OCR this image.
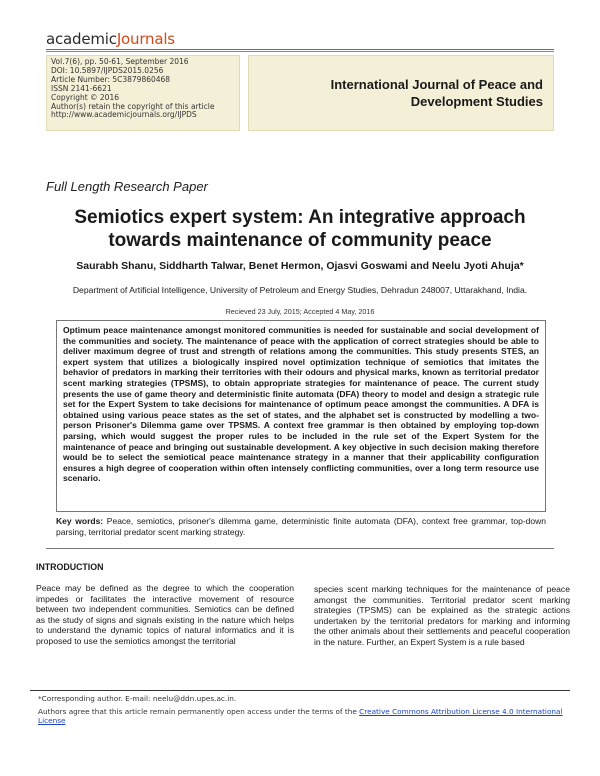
academicJournals
Vol.7(6), pp. 50-61, September 2016
DOI: 10.5897/IJPDS2015.0256
Article Number: 5C3879860468
ISSN 2141-6621
Copyright © 2016
Author(s) retain the copyright of this article
http://www.academicjournals.org/IJPDS
International Journal of Peace and Development Studies
Full Length Research Paper
Semiotics expert system: An integrative approach towards maintenance of community peace
Saurabh Shanu, Siddharth Talwar, Benet Hermon, Ojasvi Goswami and Neelu Jyoti Ahuja*
Department of Artificial Intelligence, University of Petroleum and Energy Studies, Dehradun 248007, Uttarakhand, India.
Recieved 23 July, 2015; Accepted 4 May, 2016

Optimum peace maintenance amongst monitored communities is needed for sustainable and social development of the communities and society. The maintenance of peace with the application of correct strategies should be able to deliver maximum degree of trust and strength of relations among the communities. This study presents STES, an expert system that utilizes a biologically inspired novel optimization technique of semiotics that imitates the behavior of predators in marking their territories with their odours and physical marks, known as territorial predator scent marking strategies (TPSMS), to obtain appropriate strategies for maintenance of peace. The current study presents the use of game theory and deterministic finite automata (DFA) theory to model and design a strategic rule set for the Expert System to take decisions for maintenance of optimum peace amongst the communities. A DFA is obtained using various peace states as the set of states, and the alphabet set is constructed by modelling a two-person Prisoner's Dilemma game over TPSMS. A context free grammar is then obtained by employing top-down parsing, which would suggest the proper rules to be included in the rule set of the Expert System for the maintenance of peace and bringing out sustainable development. A key objective in such decision making therefore would be to select the semiotical peace maintenance strategy in a manner that their applicability configuration ensures a high degree of cooperation within often intensely conflicting communities, over a long term resource use scenario.

Key words: Peace, semiotics, prisoner's dilemma game, deterministic finite automata (DFA), context free grammar, top-down parsing, territorial predator scent marking strategy.
INTRODUCTION
Peace may be defined as the degree to which the cooperation impedes or facilitates the interactive movement of resource between two independent communities. Semiotics can be defined as the study of signs and signals existing in the nature which helps to understand the dynamic topics of natural informatics and it is proposed to use the semiotics amongst the territorial
species scent marking techniques for the maintenance of peace amongst the communities. Territorial predator scent marking strategies (TPSMS) can be explained as the strategic actions undertaken by the territorial predators for marking and informing the other animals about their settlements and peaceful cooperation in the nature. Further, an Expert System is a rule based
*Corresponding author. E-mail: neelu@ddn.upes.ac.in.
Authors agree that this article remain permanently open access under the terms of the Creative Commons Attribution License 4.0 International License
